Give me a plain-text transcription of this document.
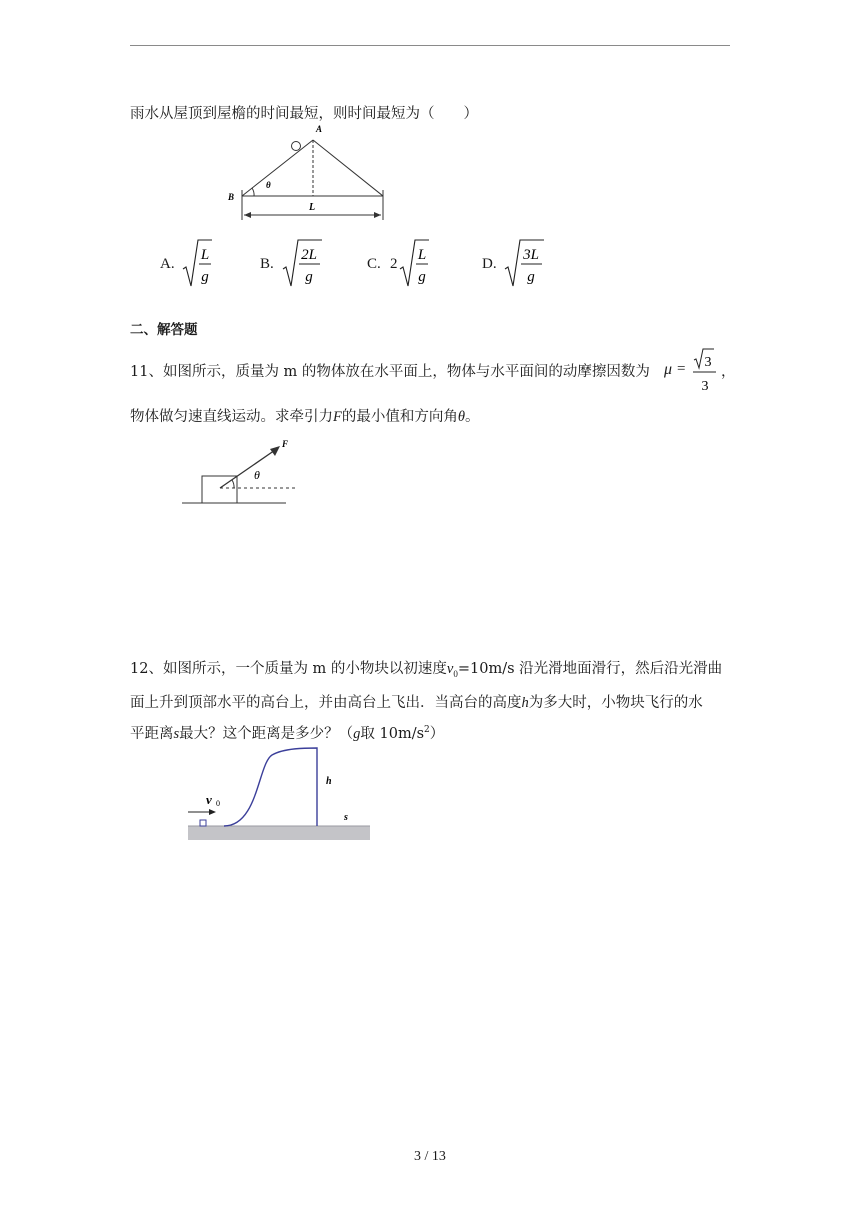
雨水从屋顶到屋檐的时间最短，则时间最短为（　　）
A
B
θ
L
A.
L
g
B.
2L
g
C. 2
L
g
D.
3L
g
二、解答题
11、如图所示，质量为 m 的物体放在水平面上，物体与水平面间的动摩擦因数为 μ = 3
3
，
物体做匀速直线运动。求牵引力F的最小值和方向角θ。
F
θ
12、如图所示，一个质量为 m 的小物块以初速度$v_0=10m/s$ 沿光滑地面滑行，然后沿光滑曲
面上升到顶部水平的高台上，并由高台上飞出．当高台的高度h为多大时，小物块飞行的水
平距离s最大？这个距离是多少？（g取 $10m/s^2$）
v 0
h
s
3 / 13
